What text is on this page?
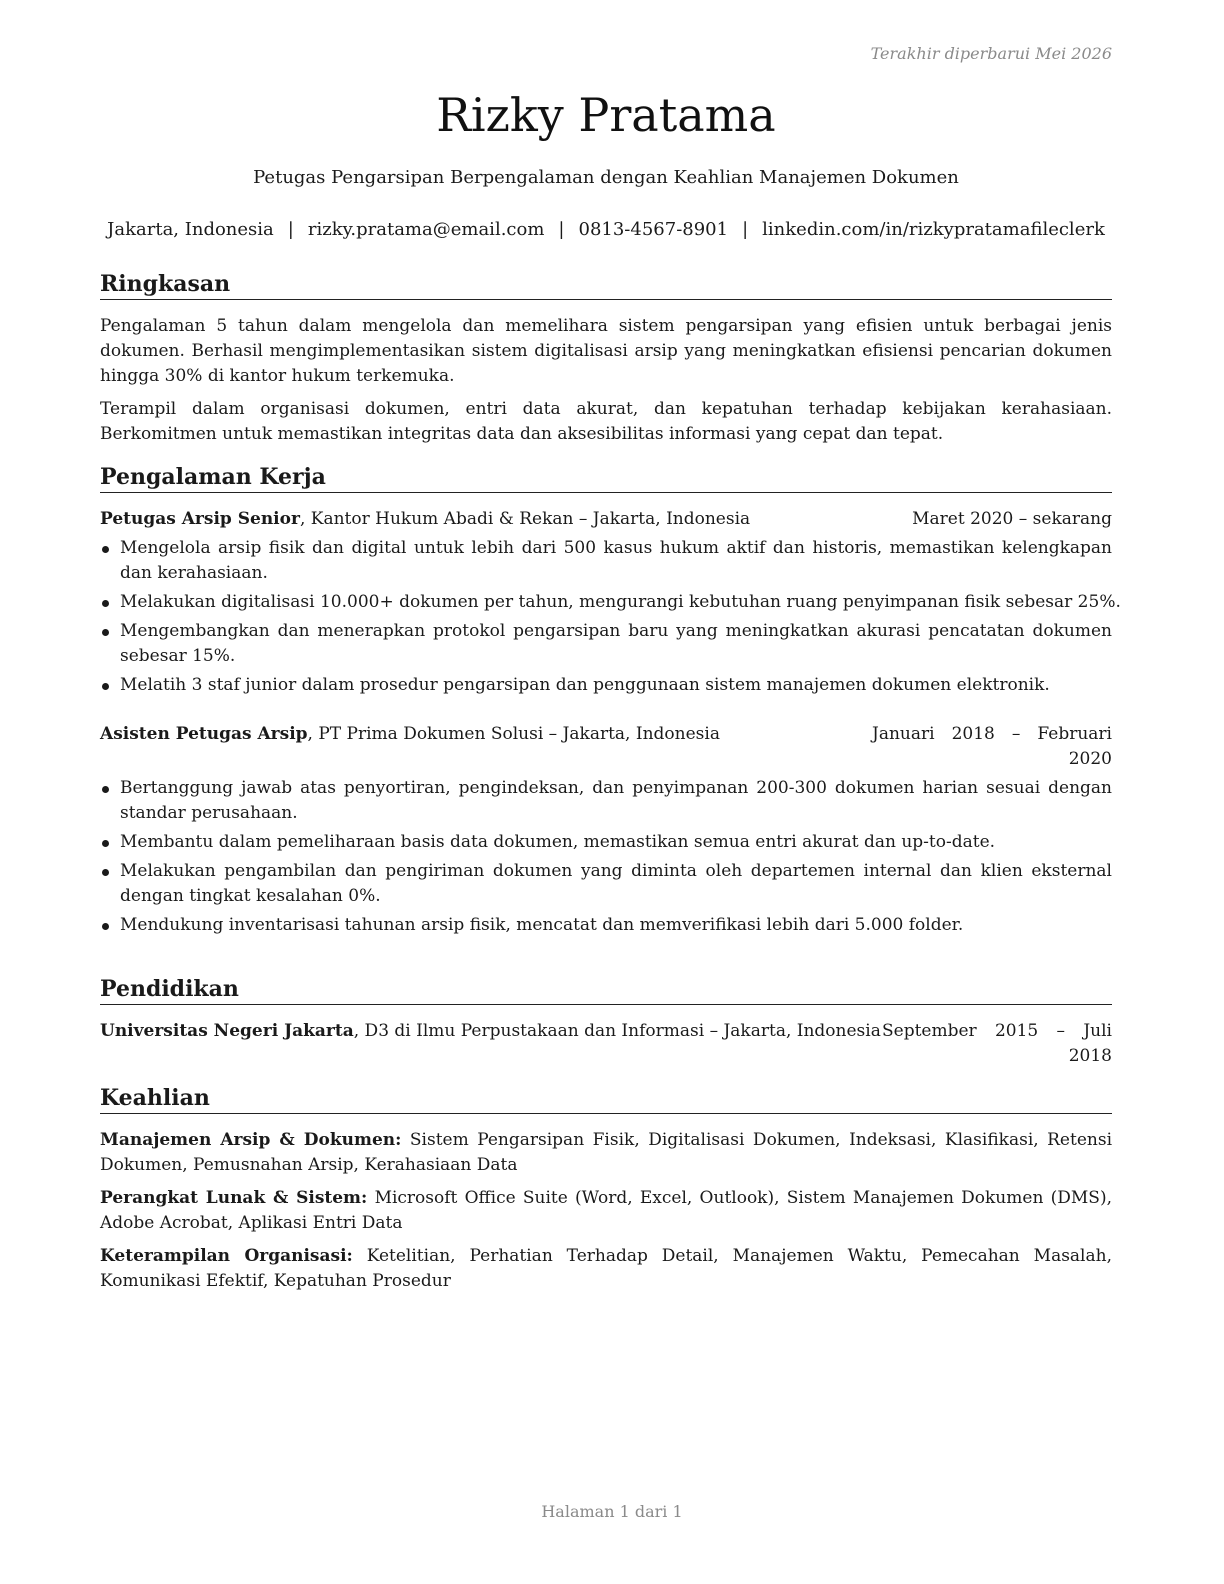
Terakhir diperbarui Mei 2026
Rizky Pratama
Petugas Pengarsipan Berpengalaman dengan Keahlian Manajemen Dokumen
Jakarta, Indonesia | rizky.pratama@email.com | 0813-4567-8901 | linkedin.com/in/rizkypratamafileclerk
Ringkasan

Pengalaman 5 tahun dalam mengelola dan memelihara sistem pengarsipan yang efisien untuk berbagai jenis dokumen. Berhasil mengimplementasikan sistem digitalisasi arsip yang meningkatkan efisiensi pencarian dokumen hingga 30% di kantor hukum terkemuka.

Terampil dalam organisasi dokumen, entri data akurat, dan kepatuhan terhadap kebijakan kerahasiaan. Berkomitmen untuk memastikan integritas data dan aksesibilitas informasi yang cepat dan tepat.

Pengalaman Kerja
Petugas Arsip Senior, Kantor Hukum Abadi & Rekan – Jakarta, Indonesia	Maret 2020 – sekarang
Mengelola arsip fisik dan digital untuk lebih dari 500 kasus hukum aktif dan historis, memastikan kelengkapan dan kerahasiaan.
Melakukan digitalisasi 10.000+ dokumen per tahun, mengurangi kebutuhan ruang penyimpanan fisik sebesar 25%.
Mengembangkan dan menerapkan protokol pengarsipan baru yang meningkatkan akurasi pencatatan dokumen sebesar 15%.
Melatih 3 staf junior dalam prosedur pengarsipan dan penggunaan sistem manajemen dokumen elektronik.
Asisten Petugas Arsip, PT Prima Dokumen Solusi – Jakarta, Indonesia	Januari 2018 – Februari 2020
Bertanggung jawab atas penyortiran, pengindeksan, dan penyimpanan 200-300 dokumen harian sesuai dengan standar perusahaan.
Membantu dalam pemeliharaan basis data dokumen, memastikan semua entri akurat dan up-to-date.
Melakukan pengambilan dan pengiriman dokumen yang diminta oleh departemen internal dan klien eksternal dengan tingkat kesalahan 0%.
Mendukung inventarisasi tahunan arsip fisik, mencatat dan memverifikasi lebih dari 5.000 folder.
Pendidikan
Universitas Negeri Jakarta, D3 di Ilmu Perpustakaan dan Informasi – Jakarta, Indonesia September 2015 – Juli 2018
Keahlian

Manajemen Arsip & Dokumen: Sistem Pengarsipan Fisik, Digitalisasi Dokumen, Indeksasi, Klasifikasi, Retensi Dokumen, Pemusnahan Arsip, Kerahasiaan Data

Perangkat Lunak & Sistem: Microsoft Office Suite (Word, Excel, Outlook), Sistem Manajemen Dokumen (DMS), Adobe Acrobat, Aplikasi Entri Data

Keterampilan Organisasi: Ketelitian, Perhatian Terhadap Detail, Manajemen Waktu, Pemecahan Masalah, Komunikasi Efektif, Kepatuhan Prosedur

Halaman 1 dari 1
